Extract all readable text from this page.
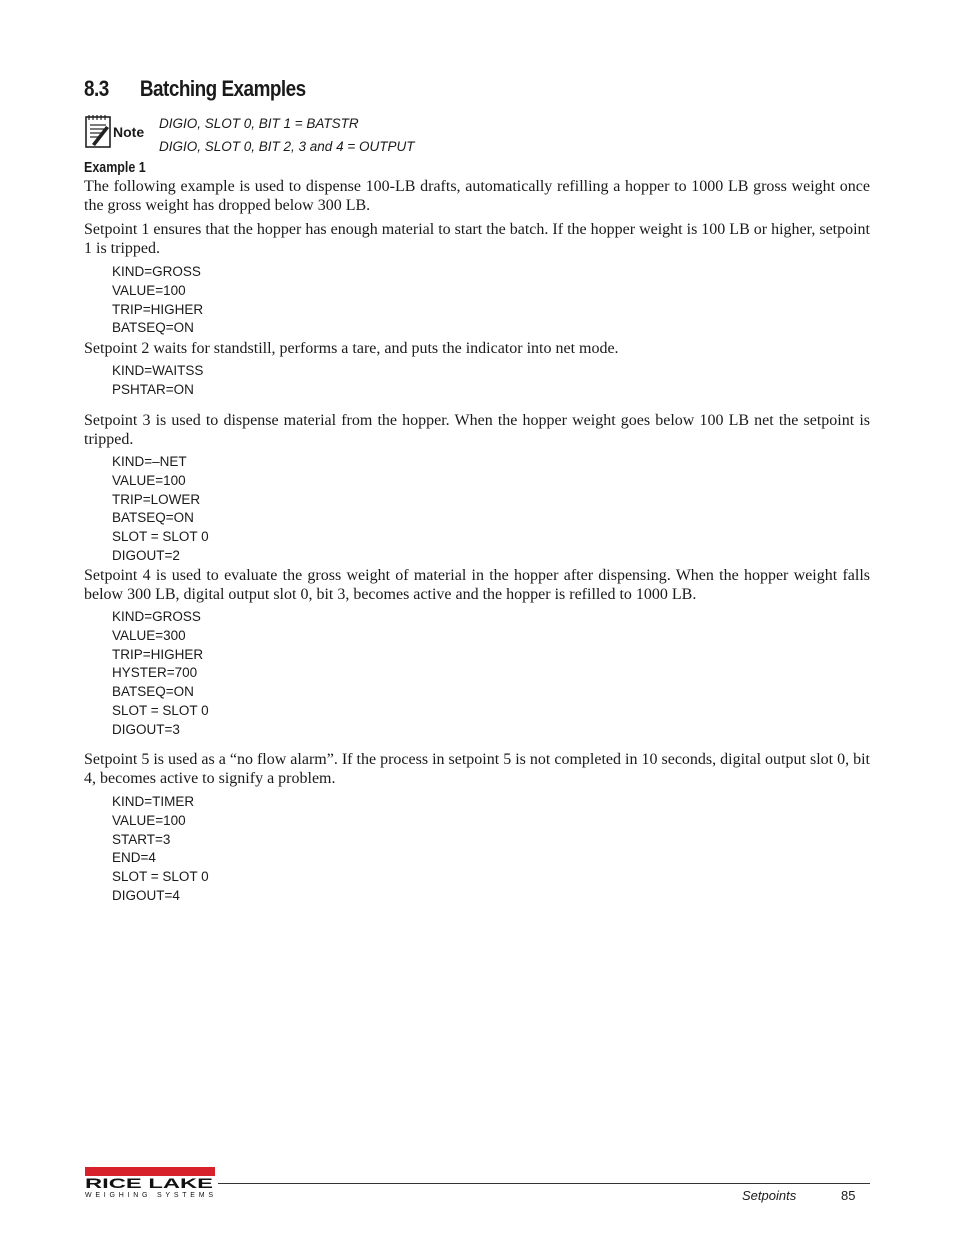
8.3	Batching Examples
Note
DIGIO, SLOT 0, BIT 1 = BATSTR
DIGIO, SLOT 0, BIT 2, 3 and 4 = OUTPUT
Example 1

The following example is used to dispense 100-LB drafts, automatically refilling a hopper to 1000 LB gross weight once the gross weight has dropped below 300 LB.

Setpoint 1 ensures that the hopper has enough material to start the batch. If the hopper weight is 100 LB or higher, setpoint 1 is tripped.

KIND=GROSS
VALUE=100
TRIP=HIGHER
BATSEQ=ON

Setpoint 2 waits for standstill, performs a tare, and puts the indicator into net mode.

KIND=WAITSS
PSHTAR=ON

Setpoint 3 is used to dispense material from the hopper. When the hopper weight goes below 100 LB net the setpoint is tripped.

KIND=–NET
VALUE=100
TRIP=LOWER
BATSEQ=ON
SLOT = SLOT 0
DIGOUT=2

Setpoint 4 is used to evaluate the gross weight of material in the hopper after dispensing. When the hopper weight falls below 300 LB, digital output slot 0, bit 3, becomes active and the hopper is refilled to 1000 LB.

KIND=GROSS
VALUE=300
TRIP=HIGHER
HYSTER=700
BATSEQ=ON
SLOT = SLOT 0
DIGOUT=3

Setpoint 5 is used as a “no flow alarm”. If the process in setpoint 5 is not completed in 10 seconds, digital output slot 0, bit 4, becomes active to signify a problem.

KIND=TIMER
VALUE=100
START=3
END=4
SLOT = SLOT 0
DIGOUT=4
RICE LAKE
WEIGHING SYSTEMS	Setpoints	85
